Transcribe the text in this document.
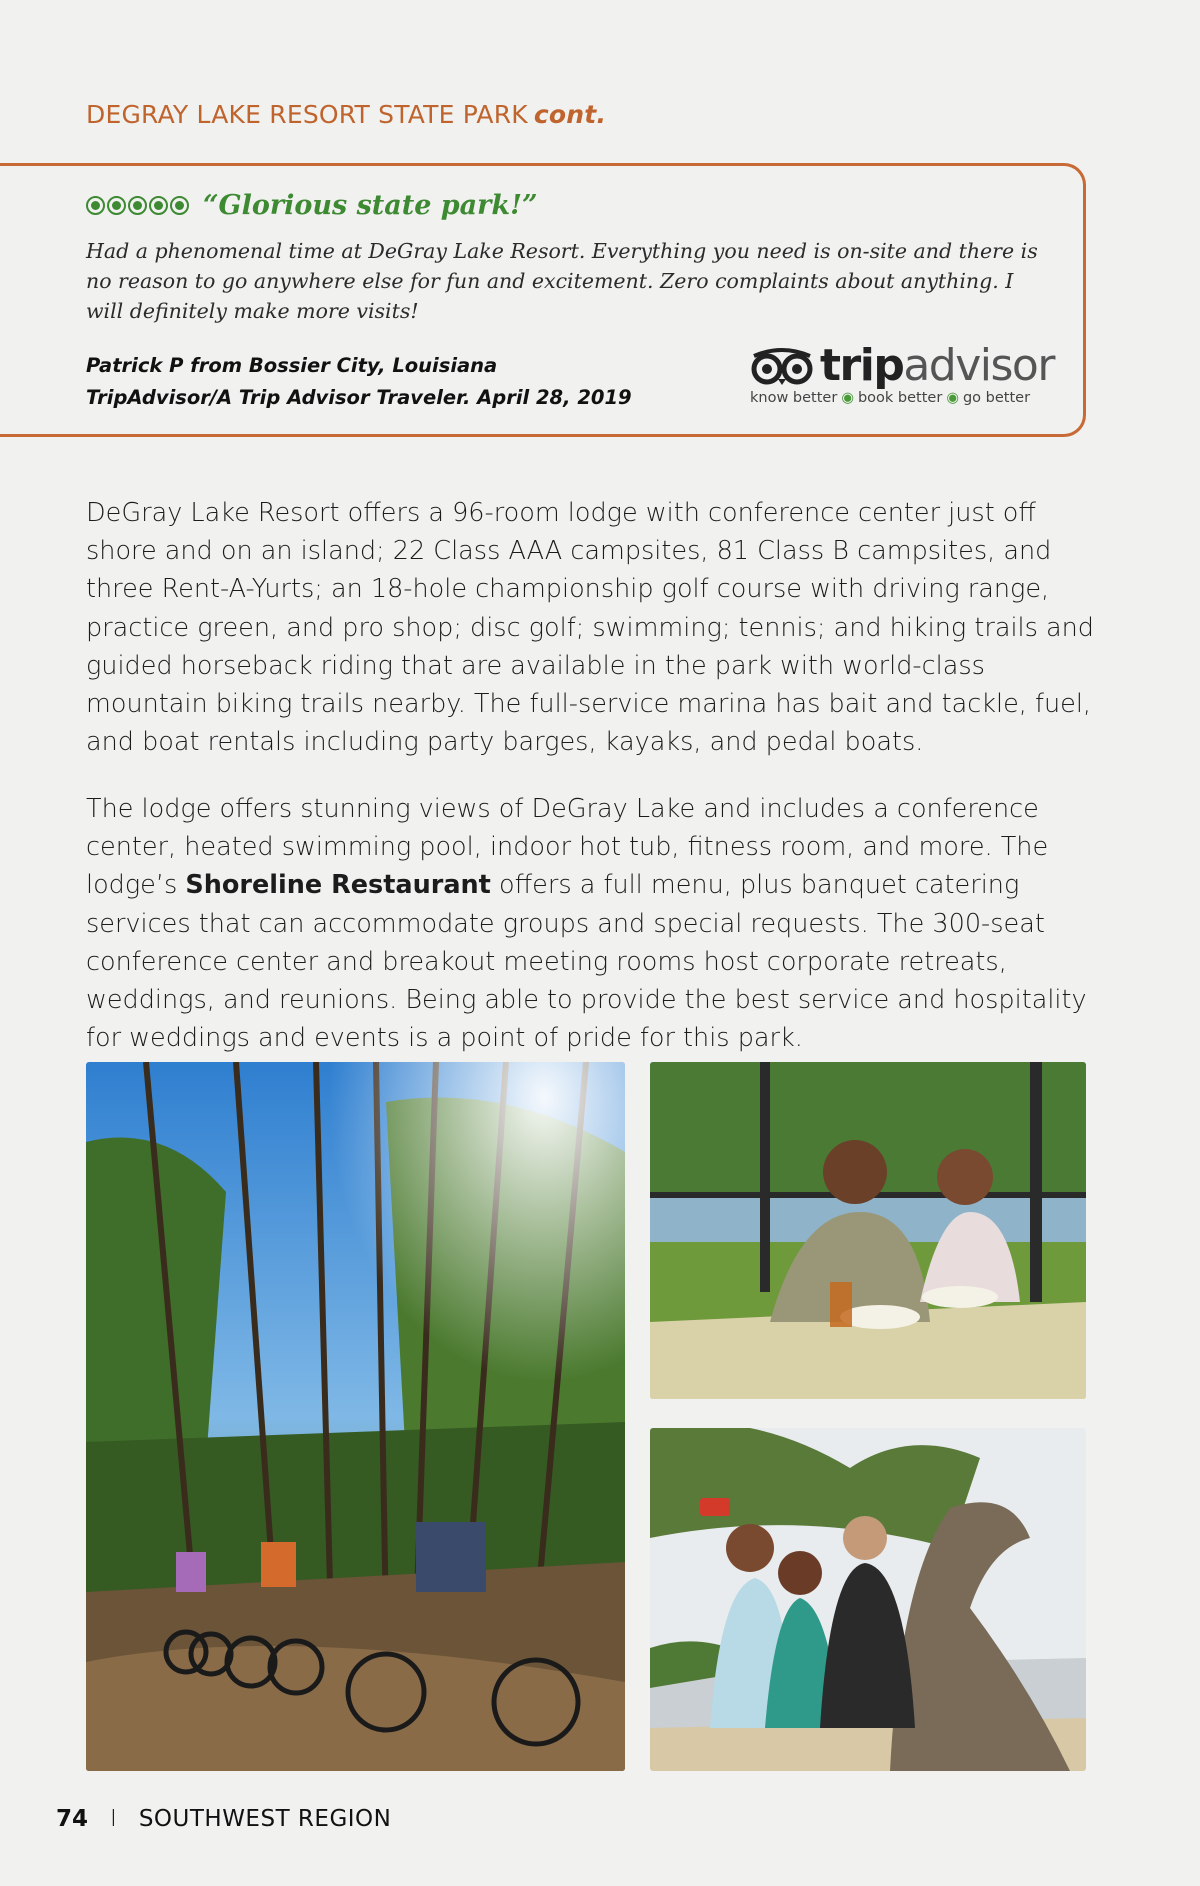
DEGRAY LAKE RESORT STATE PARK cont.
“Glorious state park!”

Had a phenomenal time at DeGray Lake Resort. Everything you need is on-site and there is no reason to go anywhere else for fun and excitement. Zero complaints about anything. I will definitely make more visits!

Patrick P from Bossier City, Louisiana
TripAdvisor/A Trip Advisor Traveler. April 28, 2019
tripadvisor
know better ◉ book better ◉ go better

DeGray Lake Resort offers a 96-room lodge with conference center just off shore and on an island; 22 Class AAA campsites, 81 Class B campsites, and three Rent-A-Yurts; an 18-hole championship golf course with driving range, practice green, and pro shop; disc golf; swimming; tennis; and hiking trails and guided horseback riding that are available in the park with world-class mountain biking trails nearby. The full-service marina has bait and tackle, fuel, and boat rentals including party barges, kayaks, and pedal boats.

The lodge offers stunning views of DeGray Lake and includes a conference center, heated swimming pool, indoor hot tub, fitness room, and more. The lodge’s Shoreline Restaurant offers a full menu, plus banquet catering services that can accommodate groups and special requests. The 300-seat conference center and breakout meeting rooms host corporate retreats, weddings, and reunions. Being able to provide the best service and hospitality for weddings and events is a point of pride for this park.

74 I SOUTHWEST REGION
